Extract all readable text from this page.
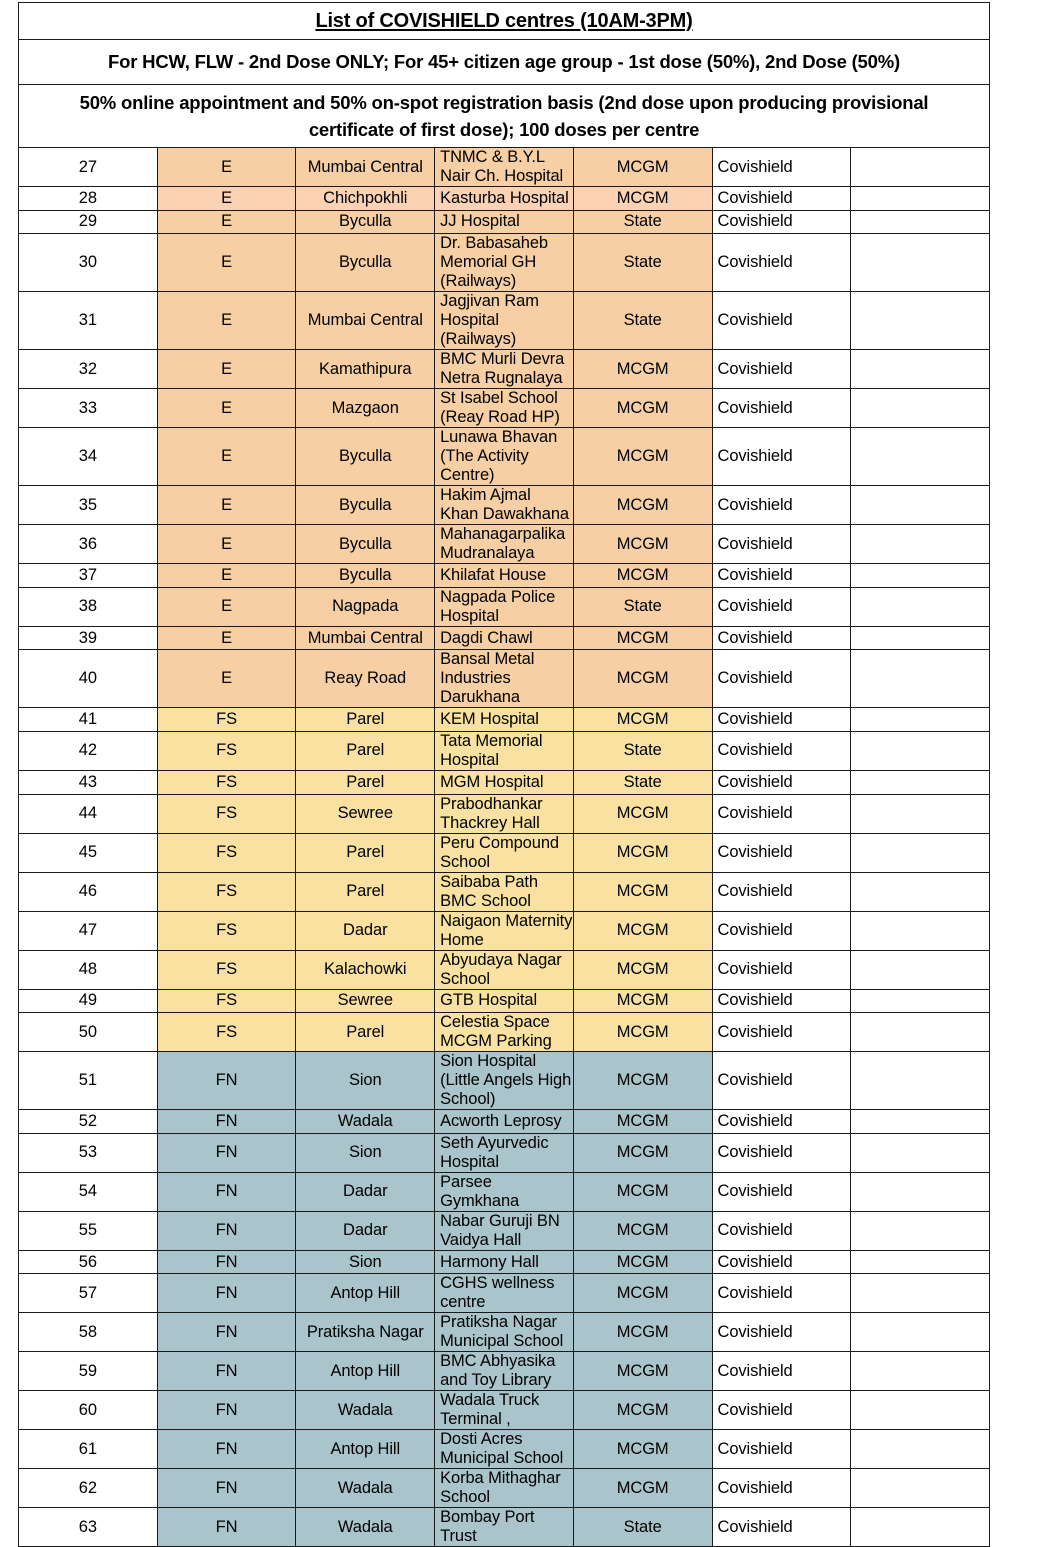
List of COVISHIELD centres (10AM-3PM)						
For HCW, FLW - 2nd Dose ONLY; For 45+ citizen age group - 1st dose (50%), 2nd Dose (50%)						
50% online appointment and 50% on-spot registration basis (2nd dose upon producing provisional certificate of first dose); 100 doses per centre						
27	E	Mumbai Central	TNMC & B.Y.L Nair Ch. Hospital	MCGM	Covishield	
28	E	Chichpokhli	Kasturba Hospital	MCGM	Covishield	
29	E	Byculla	JJ Hospital	State	Covishield	
30	E	Byculla	Dr. Babasaheb Memorial GH (Railways)	State	Covishield	
31	E	Mumbai Central	Jagjivan Ram Hospital (Railways)	State	Covishield	
32	E	Kamathipura	BMC Murli Devra Netra Rugnalaya	MCGM	Covishield	
33	E	Mazgaon	St Isabel School (Reay Road HP)	MCGM	Covishield	
34	E	Byculla	Lunawa Bhavan (The Activity Centre)	MCGM	Covishield	
35	E	Byculla	Hakim Ajmal Khan Dawakhana	MCGM	Covishield	
36	E	Byculla	Mahanagarpalika Mudranalaya	MCGM	Covishield	
37	E	Byculla	Khilafat House	MCGM	Covishield	
38	E	Nagpada	Nagpada Police Hospital	State	Covishield	
39	E	Mumbai Central	Dagdi Chawl	MCGM	Covishield	
40	E	Reay Road	Bansal Metal Industries Darukhana	MCGM	Covishield	
41	FS	Parel	KEM Hospital	MCGM	Covishield	
42	FS	Parel	Tata Memorial Hospital	State	Covishield	
43	FS	Parel	MGM Hospital	State	Covishield	
44	FS	Sewree	Prabodhankar Thackrey Hall	MCGM	Covishield	
45	FS	Parel	Peru Compound School	MCGM	Covishield	
46	FS	Parel	Saibaba Path BMC School	MCGM	Covishield	
47	FS	Dadar	Naigaon Maternity Home	MCGM	Covishield	
48	FS	Kalachowki	Abyudaya Nagar School	MCGM	Covishield	
49	FS	Sewree	GTB Hospital	MCGM	Covishield	
50	FS	Parel	Celestia Space MCGM Parking	MCGM	Covishield	
51	FN	Sion	Sion Hospital (Little Angels High School)	MCGM	Covishield	
52	FN	Wadala	Acworth Leprosy	MCGM	Covishield	
53	FN	Sion	Seth Ayurvedic Hospital	MCGM	Covishield	
54	FN	Dadar	Parsee Gymkhana	MCGM	Covishield	
55	FN	Dadar	Nabar Guruji BN Vaidya Hall	MCGM	Covishield	
56	FN	Sion	Harmony Hall	MCGM	Covishield	
57	FN	Antop Hill	CGHS wellness centre	MCGM	Covishield	
58	FN	Pratiksha Nagar	Pratiksha Nagar Municipal School	MCGM	Covishield	
59	FN	Antop Hill	BMC Abhyasika and Toy Library	MCGM	Covishield	
60	FN	Wadala	Wadala Truck Terminal ,	MCGM	Covishield	
61	FN	Antop Hill	Dosti Acres Municipal School	MCGM	Covishield	
62	FN	Wadala	Korba Mithaghar School	MCGM	Covishield	
63	FN	Wadala	Bombay Port Trust	State	Covishield	
